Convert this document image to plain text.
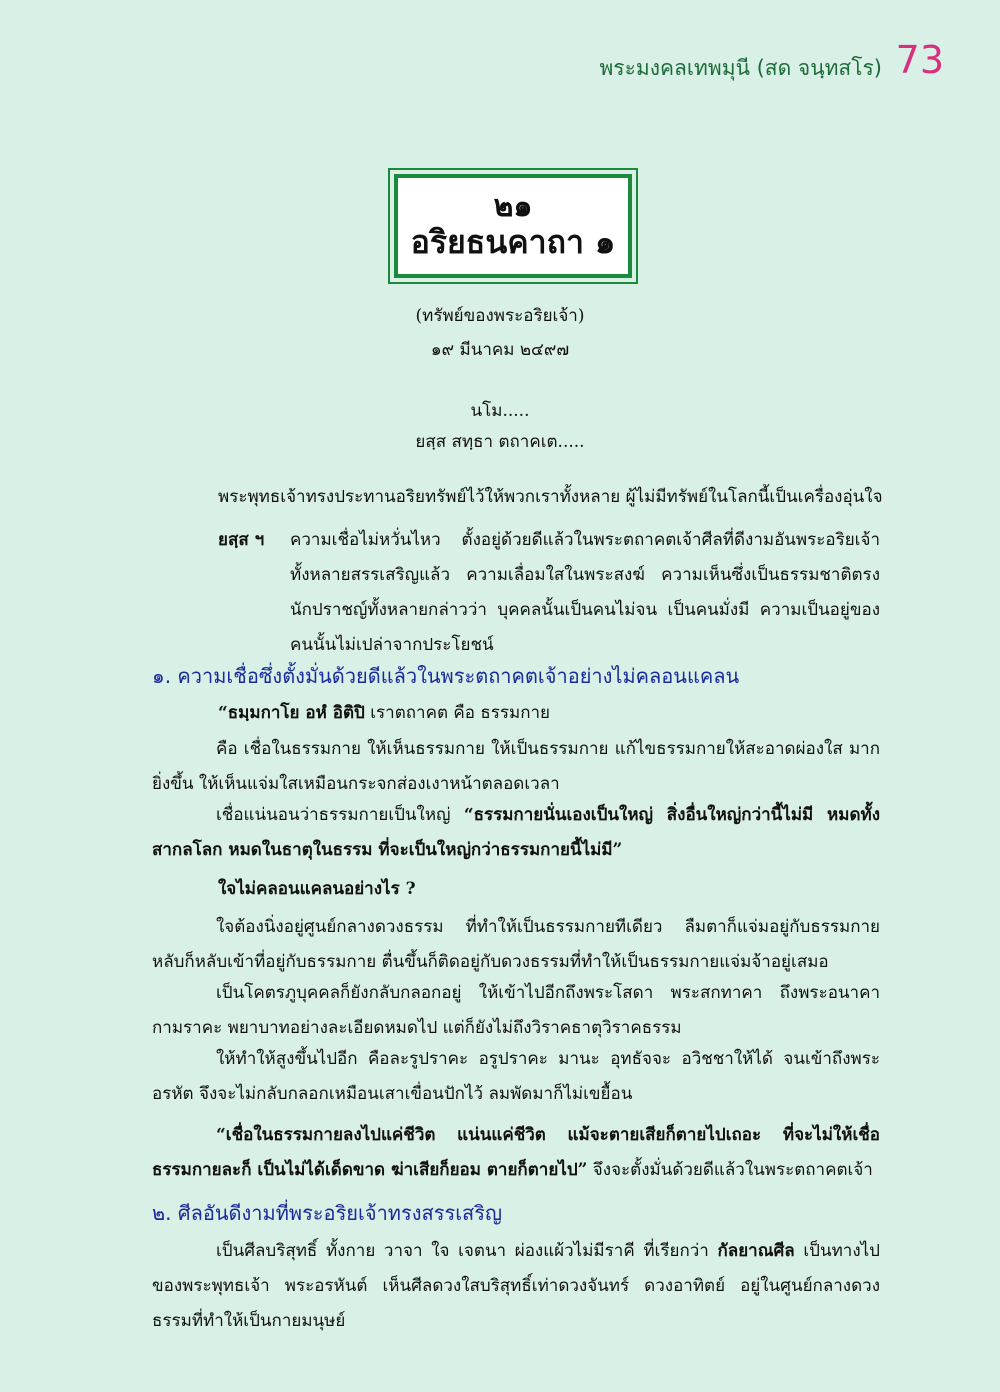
พระมงคลเทพมุนี (สด จนฺทสโร) 73
๒๑
อริยธนคาถา ๑
(ทรัพย์ของพระอริยเจ้า)
๑๙ มีนาคม ๒๔๙๗
นโม.....
ยสฺส สทฺธา ตถาคเต.....

พระพุทธเจ้าทรงประทานอริยทรัพย์ไว้ให้พวกเราทั้งหลาย ผู้ไม่มีทรัพย์ในโลกนี้เป็นเครื่องอุ่นใจ

ยสฺส ฯ	ความเชื่อไม่หวั่นไหว ตั้งอยู่ด้วยดีแล้วในพระตถาคตเจ้าศีลที่ดีงามอันพระอริยเจ้าทั้งหลายสรรเสริญแล้ว ความเลื่อมใสในพระสงฆ์ ความเห็นซึ่งเป็นธรรมชาติตรง นักปราชญ์ทั้งหลายกล่าวว่า บุคคลนั้นเป็นคนไม่จน เป็นคนมั่งมี ความเป็นอยู่ของคนนั้นไม่เปล่าจากประโยชน์

๑. ความเชื่อซึ่งตั้งมั่นด้วยดีแล้วในพระตถาคตเจ้าอย่างไม่คลอนแคลน

“ธมฺมกาโย อหํ อิติปิ เราตถาคต คือ ธรรมกาย

คือ เชื่อในธรรมกาย ให้เห็นธรรมกาย ให้เป็นธรรมกาย แก้ไขธรรมกายให้สะอาดผ่องใส มากยิ่งขึ้น ให้เห็นแจ่มใสเหมือนกระจกส่องเงาหน้าตลอดเวลา

เชื่อแน่นอนว่าธรรมกายเป็นใหญ่ “ธรรมกายนั่นเองเป็นใหญ่ สิ่งอื่นใหญ่กว่านี้ไม่มี หมดทั้งสากลโลก หมดในธาตุในธรรม ที่จะเป็นใหญ่กว่าธรรมกายนี้ไม่มี”

ใจไม่คลอนแคลนอย่างไร ?

ใจต้องนิ่งอยู่ศูนย์กลางดวงธรรม ที่ทำให้เป็นธรรมกายทีเดียว ลืมตาก็แจ่มอยู่กับธรรมกาย หลับก็หลับเข้าที่อยู่กับธรรมกาย ตื่นขึ้นก็ติดอยู่กับดวงธรรมที่ทำให้เป็นธรรมกายแจ่มจ้าอยู่เสมอ

เป็นโคตรภูบุคคลก็ยังกลับกลอกอยู่ ให้เข้าไปอีกถึงพระโสดา พระสกทาคา ถึงพระอนาคา กามราคะ พยาบาทอย่างละเอียดหมดไป แต่ก็ยังไม่ถึงวิราคธาตุวิราคธรรม

ให้ทำให้สูงขึ้นไปอีก คือละรูปราคะ อรูปราคะ มานะ อุทธัจจะ อวิชชาให้ได้ จนเข้าถึงพระอรหัต จึงจะไม่กลับกลอกเหมือนเสาเขื่อนปักไว้ ลมพัดมาก็ไม่เขยื้อน

“เชื่อในธรรมกายลงไปแค่ชีวิต แน่นแค่ชีวิต แม้จะตายเสียก็ตายไปเถอะ ที่จะไม่ให้เชื่อ ธรรมกายละก็ เป็นไม่ได้เด็ดขาด ฆ่าเสียก็ยอม ตายก็ตายไป” จึงจะตั้งมั่นด้วยดีแล้วในพระตถาคตเจ้า

๒. ศีลอันดีงามที่พระอริยเจ้าทรงสรรเสริญ

เป็นศีลบริสุทธิ์ ทั้งกาย วาจา ใจ เจตนา ผ่องแผ้วไม่มีราคี ที่เรียกว่า กัลยาณศีล เป็นทางไปของพระพุทธเจ้า พระอรหันต์ เห็นศีลดวงใสบริสุทธิ์เท่าดวงจันทร์ ดวงอาทิตย์ อยู่ในศูนย์กลางดวงธรรมที่ทำให้เป็นกายมนุษย์
